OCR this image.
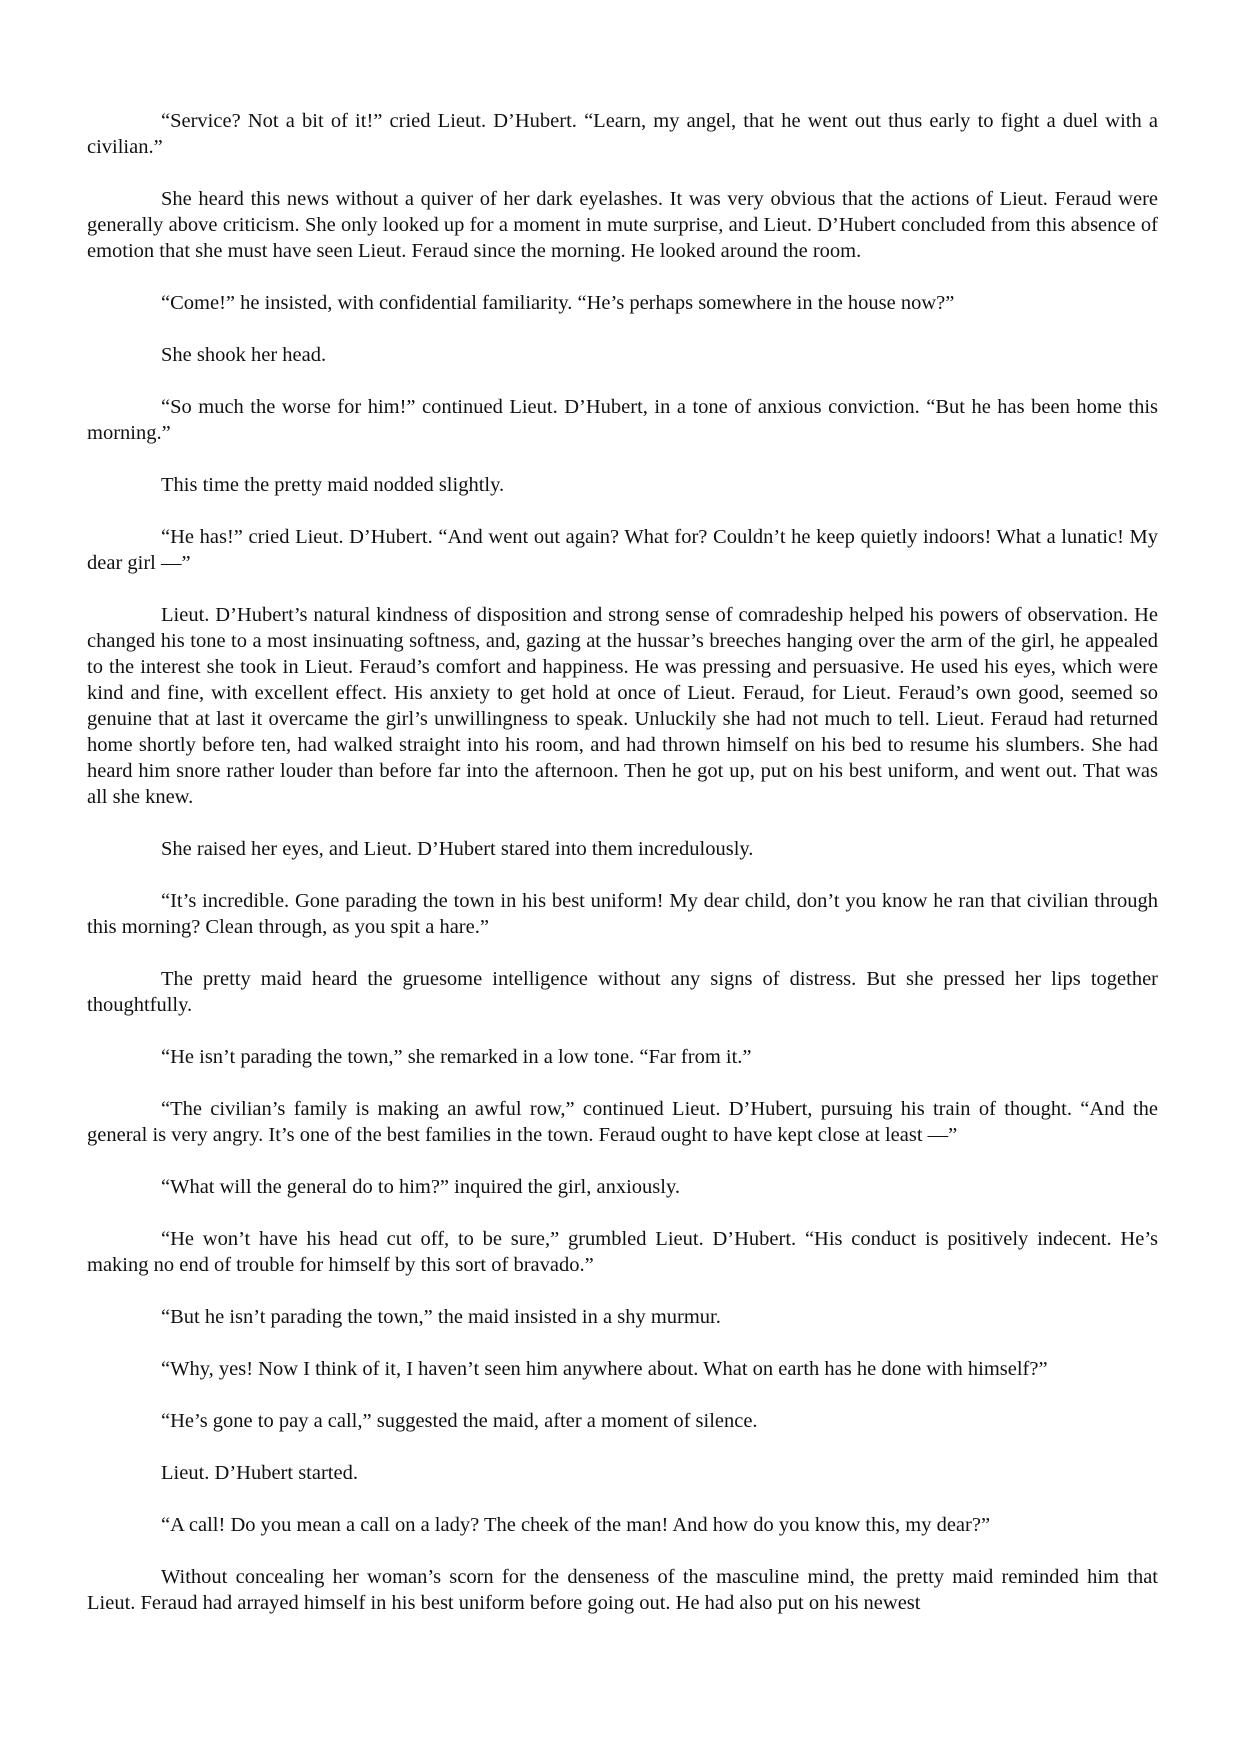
“Service? Not a bit of it!” cried Lieut. D’Hubert. “Learn, my angel, that he went out thus early to fight a duel with a civilian.”

She heard this news without a quiver of her dark eyelashes. It was very obvious that the actions of Lieut. Feraud were generally above criticism. She only looked up for a moment in mute surprise, and Lieut. D’Hubert concluded from this absence of emotion that she must have seen Lieut. Feraud since the morning. He looked around the room.

“Come!” he insisted, with confidential familiarity. “He’s perhaps somewhere in the house now?”

She shook her head.

“So much the worse for him!” continued Lieut. D’Hubert, in a tone of anxious conviction. “But he has been home this morning.”

This time the pretty maid nodded slightly.

“He has!” cried Lieut. D’Hubert. “And went out again? What for? Couldn’t he keep quietly indoors! What a lunatic! My dear girl —”

Lieut. D’Hubert’s natural kindness of disposition and strong sense of comradeship helped his powers of observation. He changed his tone to a most insinuating softness, and, gazing at the hussar’s breeches hanging over the arm of the girl, he appealed to the interest she took in Lieut. Feraud’s comfort and happiness. He was pressing and persuasive. He used his eyes, which were kind and fine, with excellent effect. His anxiety to get hold at once of Lieut. Feraud, for Lieut. Feraud’s own good, seemed so genuine that at last it overcame the girl’s unwillingness to speak. Unluckily she had not much to tell. Lieut. Feraud had returned home shortly before ten, had walked straight into his room, and had thrown himself on his bed to resume his slumbers. She had heard him snore rather louder than before far into the afternoon. Then he got up, put on his best uniform, and went out. That was all she knew.

She raised her eyes, and Lieut. D’Hubert stared into them incredulously.

“It’s incredible. Gone parading the town in his best uniform! My dear child, don’t you know he ran that civilian through this morning? Clean through, as you spit a hare.”

The pretty maid heard the gruesome intelligence without any signs of distress. But she pressed her lips together thoughtfully.

“He isn’t parading the town,” she remarked in a low tone. “Far from it.”

“The civilian’s family is making an awful row,” continued Lieut. D’Hubert, pursuing his train of thought. “And the general is very angry. It’s one of the best families in the town. Feraud ought to have kept close at least —”

“What will the general do to him?” inquired the girl, anxiously.

“He won’t have his head cut off, to be sure,” grumbled Lieut. D’Hubert. “His conduct is positively indecent. He’s making no end of trouble for himself by this sort of bravado.”

“But he isn’t parading the town,” the maid insisted in a shy murmur.

“Why, yes! Now I think of it, I haven’t seen him anywhere about. What on earth has he done with himself?”

“He’s gone to pay a call,” suggested the maid, after a moment of silence.

Lieut. D’Hubert started.

“A call! Do you mean a call on a lady? The cheek of the man! And how do you know this, my dear?”

Without concealing her woman’s scorn for the denseness of the masculine mind, the pretty maid reminded him that Lieut. Feraud had arrayed himself in his best uniform before going out. He had also put on his newest
